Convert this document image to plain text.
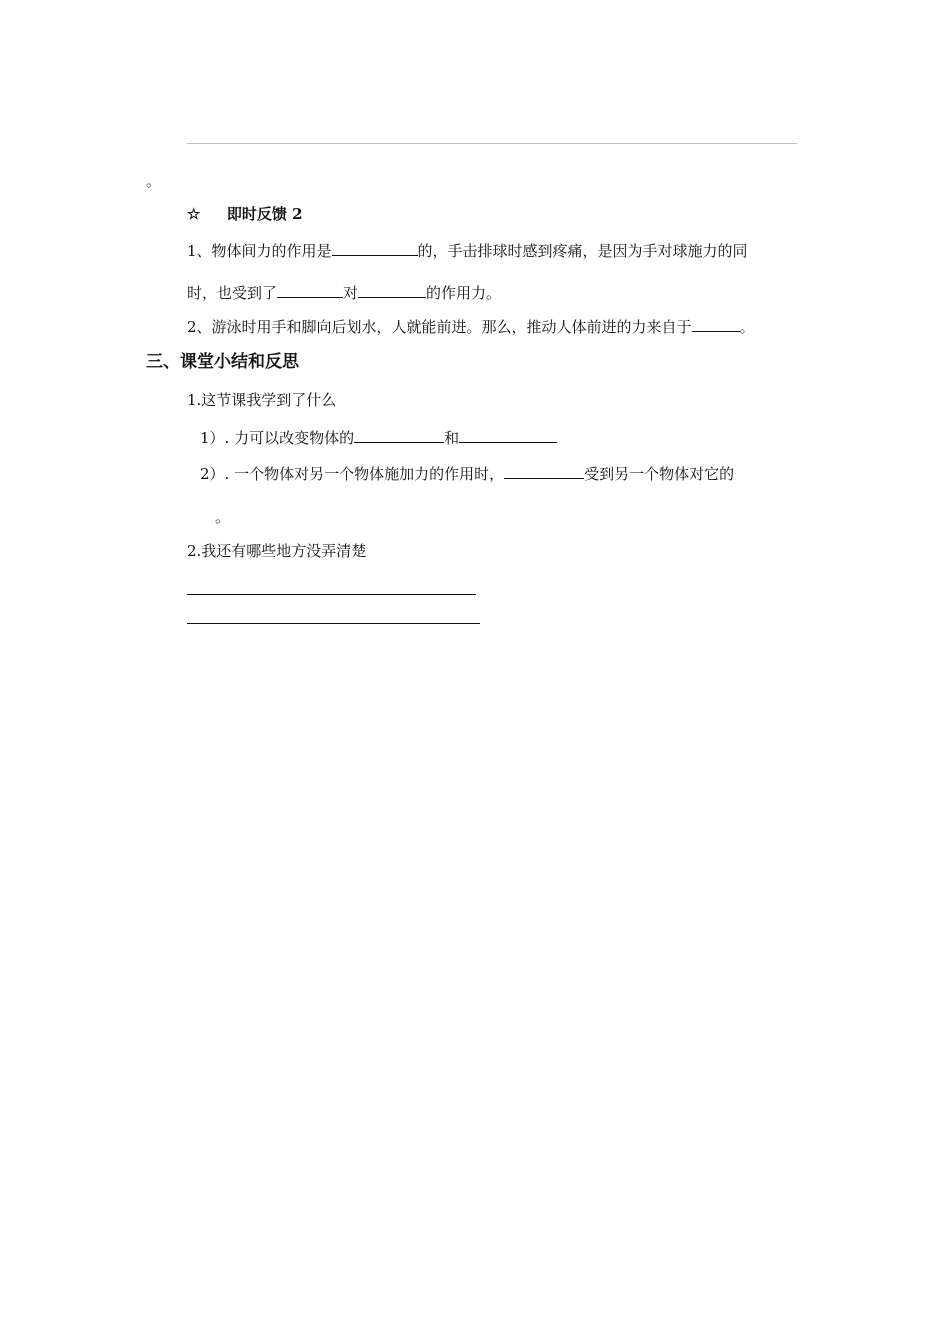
。
☆ 即时反馈 2
1、物体间力的作用是	的，手击排球时感到疼痛，是因为手对球施力的同
时，也受到了	对	的作用力。
2、游泳时用手和脚向后划水，人就能前进。那么，推动人体前进的力来自于	。
三、课堂小结和反思
1.这节课我学到了什么
1）. 力可以改变物体的	和
2）. 一个物体对另一个物体施加力的作用时，	受到另一个物体对它的
。
2.我还有哪些地方没弄清楚
